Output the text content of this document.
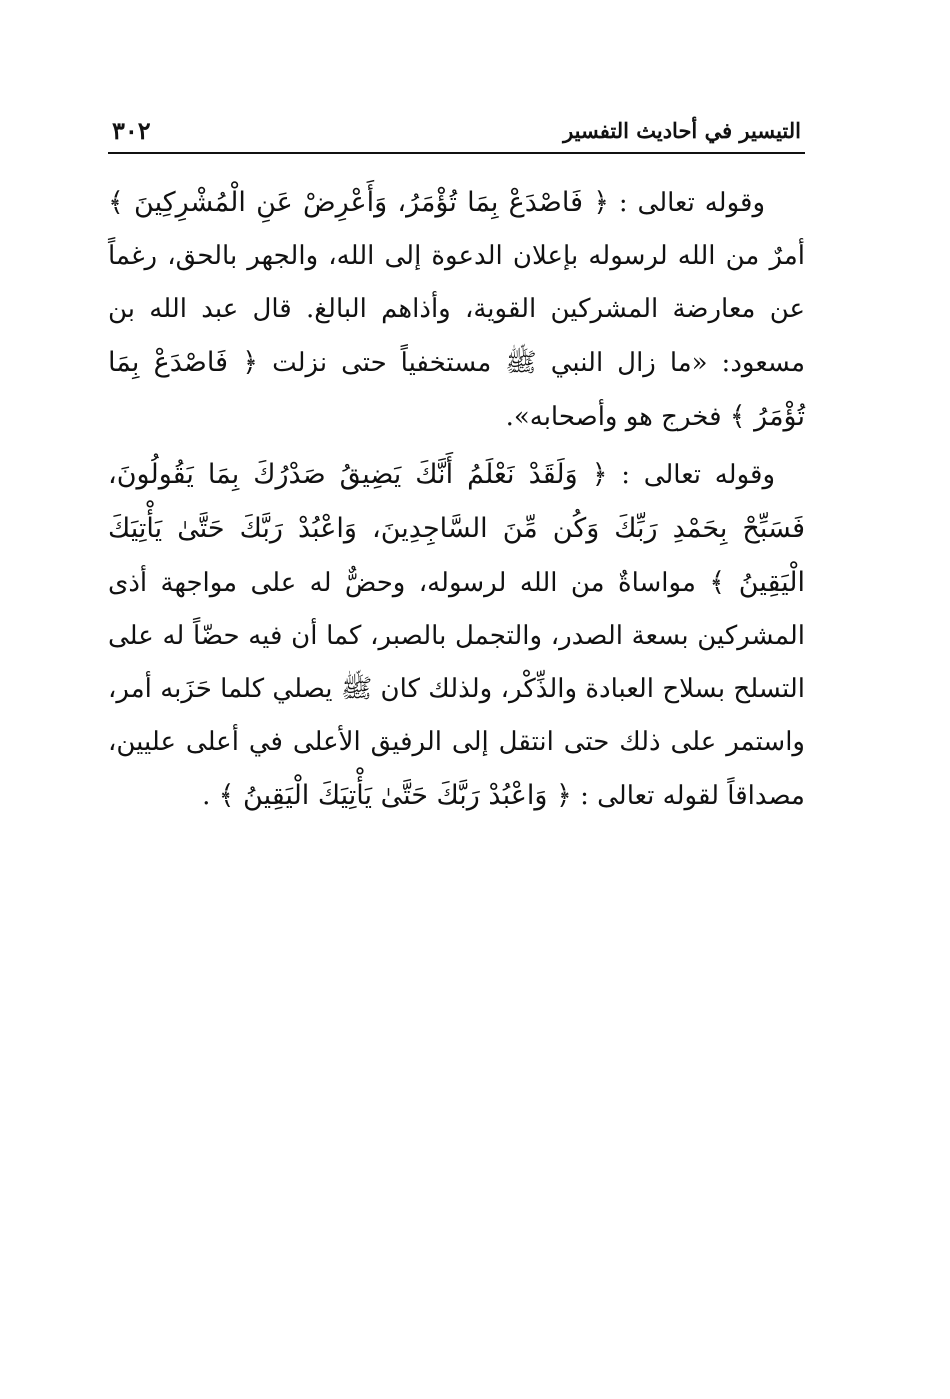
٣٠٢	التيسير في أحاديث التفسير

وقوله تعالى : ﴿ فَاصْدَعْ بِمَا تُؤْمَرُ، وَأَعْرِضْ عَنِ الْمُشْرِكِينَ ﴾ أمرٌ من الله لرسوله بإعلان الدعوة إلى الله، والجهر بالحق، رغماً عن معارضة المشركين القوية، وأذاهم البالغ. قال عبد الله بن مسعود: «ما زال النبي ﷺ مستخفياً حتى نزلت ﴿ فَاصْدَعْ بِمَا تُؤْمَرُ ﴾ فخرج هو وأصحابه».

وقوله تعالى : ﴿ وَلَقَدْ نَعْلَمُ أَنَّكَ يَضِيقُ صَدْرُكَ بِمَا يَقُولُونَ، فَسَبِّحْ بِحَمْدِ رَبِّكَ وَكُن مِّنَ السَّاجِدِينَ، وَاعْبُدْ رَبَّكَ حَتَّىٰ يَأْتِيَكَ الْيَقِينُ ﴾ مواساةٌ من الله لرسوله، وحضٌّ له على مواجهة أذى المشركين بسعة الصدر، والتجمل بالصبر، كما أن فيه حضّاً له على التسلح بسلاح العبادة والذِّكْر، ولذلك كان ﷺ يصلي كلما حَزَبه أمر، واستمر على ذلك حتى انتقل إلى الرفيق الأعلى في أعلى عليين، مصداقاً لقوله تعالى : ﴿ وَاعْبُدْ رَبَّكَ حَتَّىٰ يَأْتِيَكَ الْيَقِينُ ﴾ .
